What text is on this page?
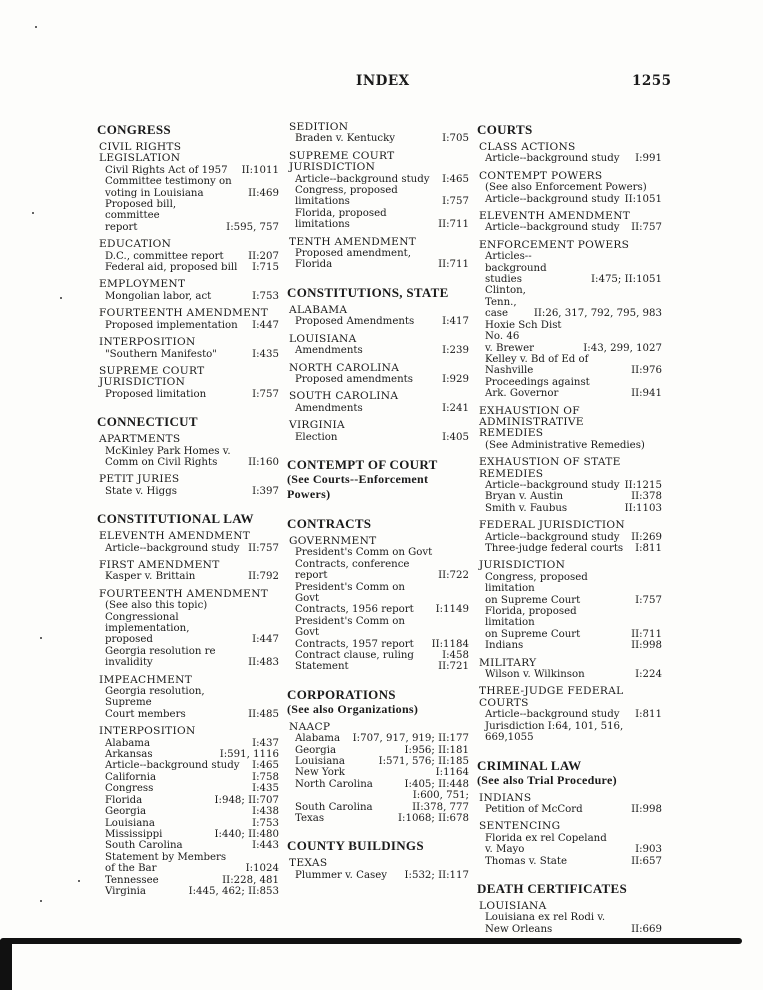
INDEX	1255
CONGRESS
CIVIL RIGHTS
LEGISLATION
Civil Rights Act of 1957	II:1011
Committee testimony on
voting in Louisiana	II:469
Proposed bill, committee
report	I:595, 757
EDUCATION
D.C., committee report	II:207
Federal aid, proposed bill	I:715
EMPLOYMENT
Mongolian labor, act	I:753
FOURTEENTH AMENDMENT
Proposed implementation	I:447
INTERPOSITION
"Southern Manifesto"	I:435
SUPREME COURT
JURISDICTION
Proposed limitation	I:757
CONNECTICUT
APARTMENTS
McKinley Park Homes v.
Comm on Civil Rights	II:160
PETIT JURIES
State v. Higgs	I:397
CONSTITUTIONAL LAW
ELEVENTH AMENDMENT
Article--background study II:757
FIRST AMENDMENT
Kasper v. Brittain	II:792
FOURTEENTH AMENDMENT
(See also this topic)
Congressional implementation,
proposed	I:447
Georgia resolution re
invalidity	II:483
IMPEACHMENT
Georgia resolution, Supreme
Court members	II:485
INTERPOSITION
Alabama	I:437
Arkansas	I:591, 1116
Article--background study	I:465
California	I:758
Congress	I:435
Florida	I:948; II:707
Georgia	I:438
Louisiana	I:753
Mississippi	I:440; II:480
South Carolina	I:443
Statement by Members
of the Bar	I:1024
Tennessee	II:228, 481
Virginia	I:445, 462; II:853
SEDITION
Braden v. Kentucky	I:705
SUPREME COURT
JURISDICTION
Article--background study	I:465
Congress, proposed
limitations	I:757
Florida, proposed
limitations	II:711
TENTH AMENDMENT
Proposed amendment,
Florida	II:711
CONSTITUTIONS, STATE
ALABAMA
Proposed Amendments	I:417
LOUISIANA
Amendments	I:239
NORTH CAROLINA
Proposed amendments	I:929
SOUTH CAROLINA
Amendments	I:241
VIRGINIA
Election	I:405
CONTEMPT OF COURT
(See Courts--Enforcement
Powers)
CONTRACTS
GOVERNMENT
President's Comm on Govt
Contracts, conference
report	II:722
President's Comm on Govt
Contracts, 1956 report	I:1149
President's Comm on Govt
Contracts, 1957 report	II:1184
Contract clause, ruling	I:458
Statement	II:721
CORPORATIONS
(See also Organizations)
NAACP
Alabama	I:707, 917, 919; II:177
Georgia	I:956; II:181
Louisiana	I:571, 576; II:185
New York	I:1164
North Carolina	I:405; II:448
South Carolina
I:600, 751;
II:378, 777
Texas	I:1068; II:678
COUNTY BUILDINGS
TEXAS
Plummer v. Casey	I:532; II:117
COURTS
CLASS ACTIONS
Article--background study	I:991
CONTEMPT POWERS
(See also Enforcement Powers)
Article--background study II:1051
ELEVENTH AMENDMENT
Article--background study	II:757
ENFORCEMENT POWERS
Articles--background
studies	I:475; II:1051
Clinton, Tenn.,
case	II:26, 317, 792, 795, 983
Hoxie Sch Dist No. 46
v. Brewer	I:43, 299, 1027
Kelley v. Bd of Ed of
Nashville	II:976
Proceedings against
Ark. Governor	II:941
EXHAUSTION OF
ADMINISTRATIVE
REMEDIES
(See Administrative Remedies)
EXHAUSTION OF STATE
REMEDIES
Article--background study II:1215
Bryan v. Austin	II:378
Smith v. Faubus	II:1103
FEDERAL JURISDICTION
Article--background study	II:269
Three-judge federal courts	I:811
JURISDICTION
Congress, proposed limitation
on Supreme Court	I:757
Florida, proposed limitation
on Supreme Court	II:711
Indians	II:998
MILITARY
Wilson v. Wilkinson	I:224
THREE-JUDGE FEDERAL
COURTS
Article--background study	I:811
Jurisdiction I:64, 101, 516, 669,1055
CRIMINAL LAW
(See also Trial Procedure)
INDIANS
Petition of McCord	II:998
SENTENCING
Florida ex rel Copeland
v. Mayo	I:903
Thomas v. State	II:657
DEATH CERTIFICATES
LOUISIANA
Louisiana ex rel Rodi v.
New Orleans	II:669
